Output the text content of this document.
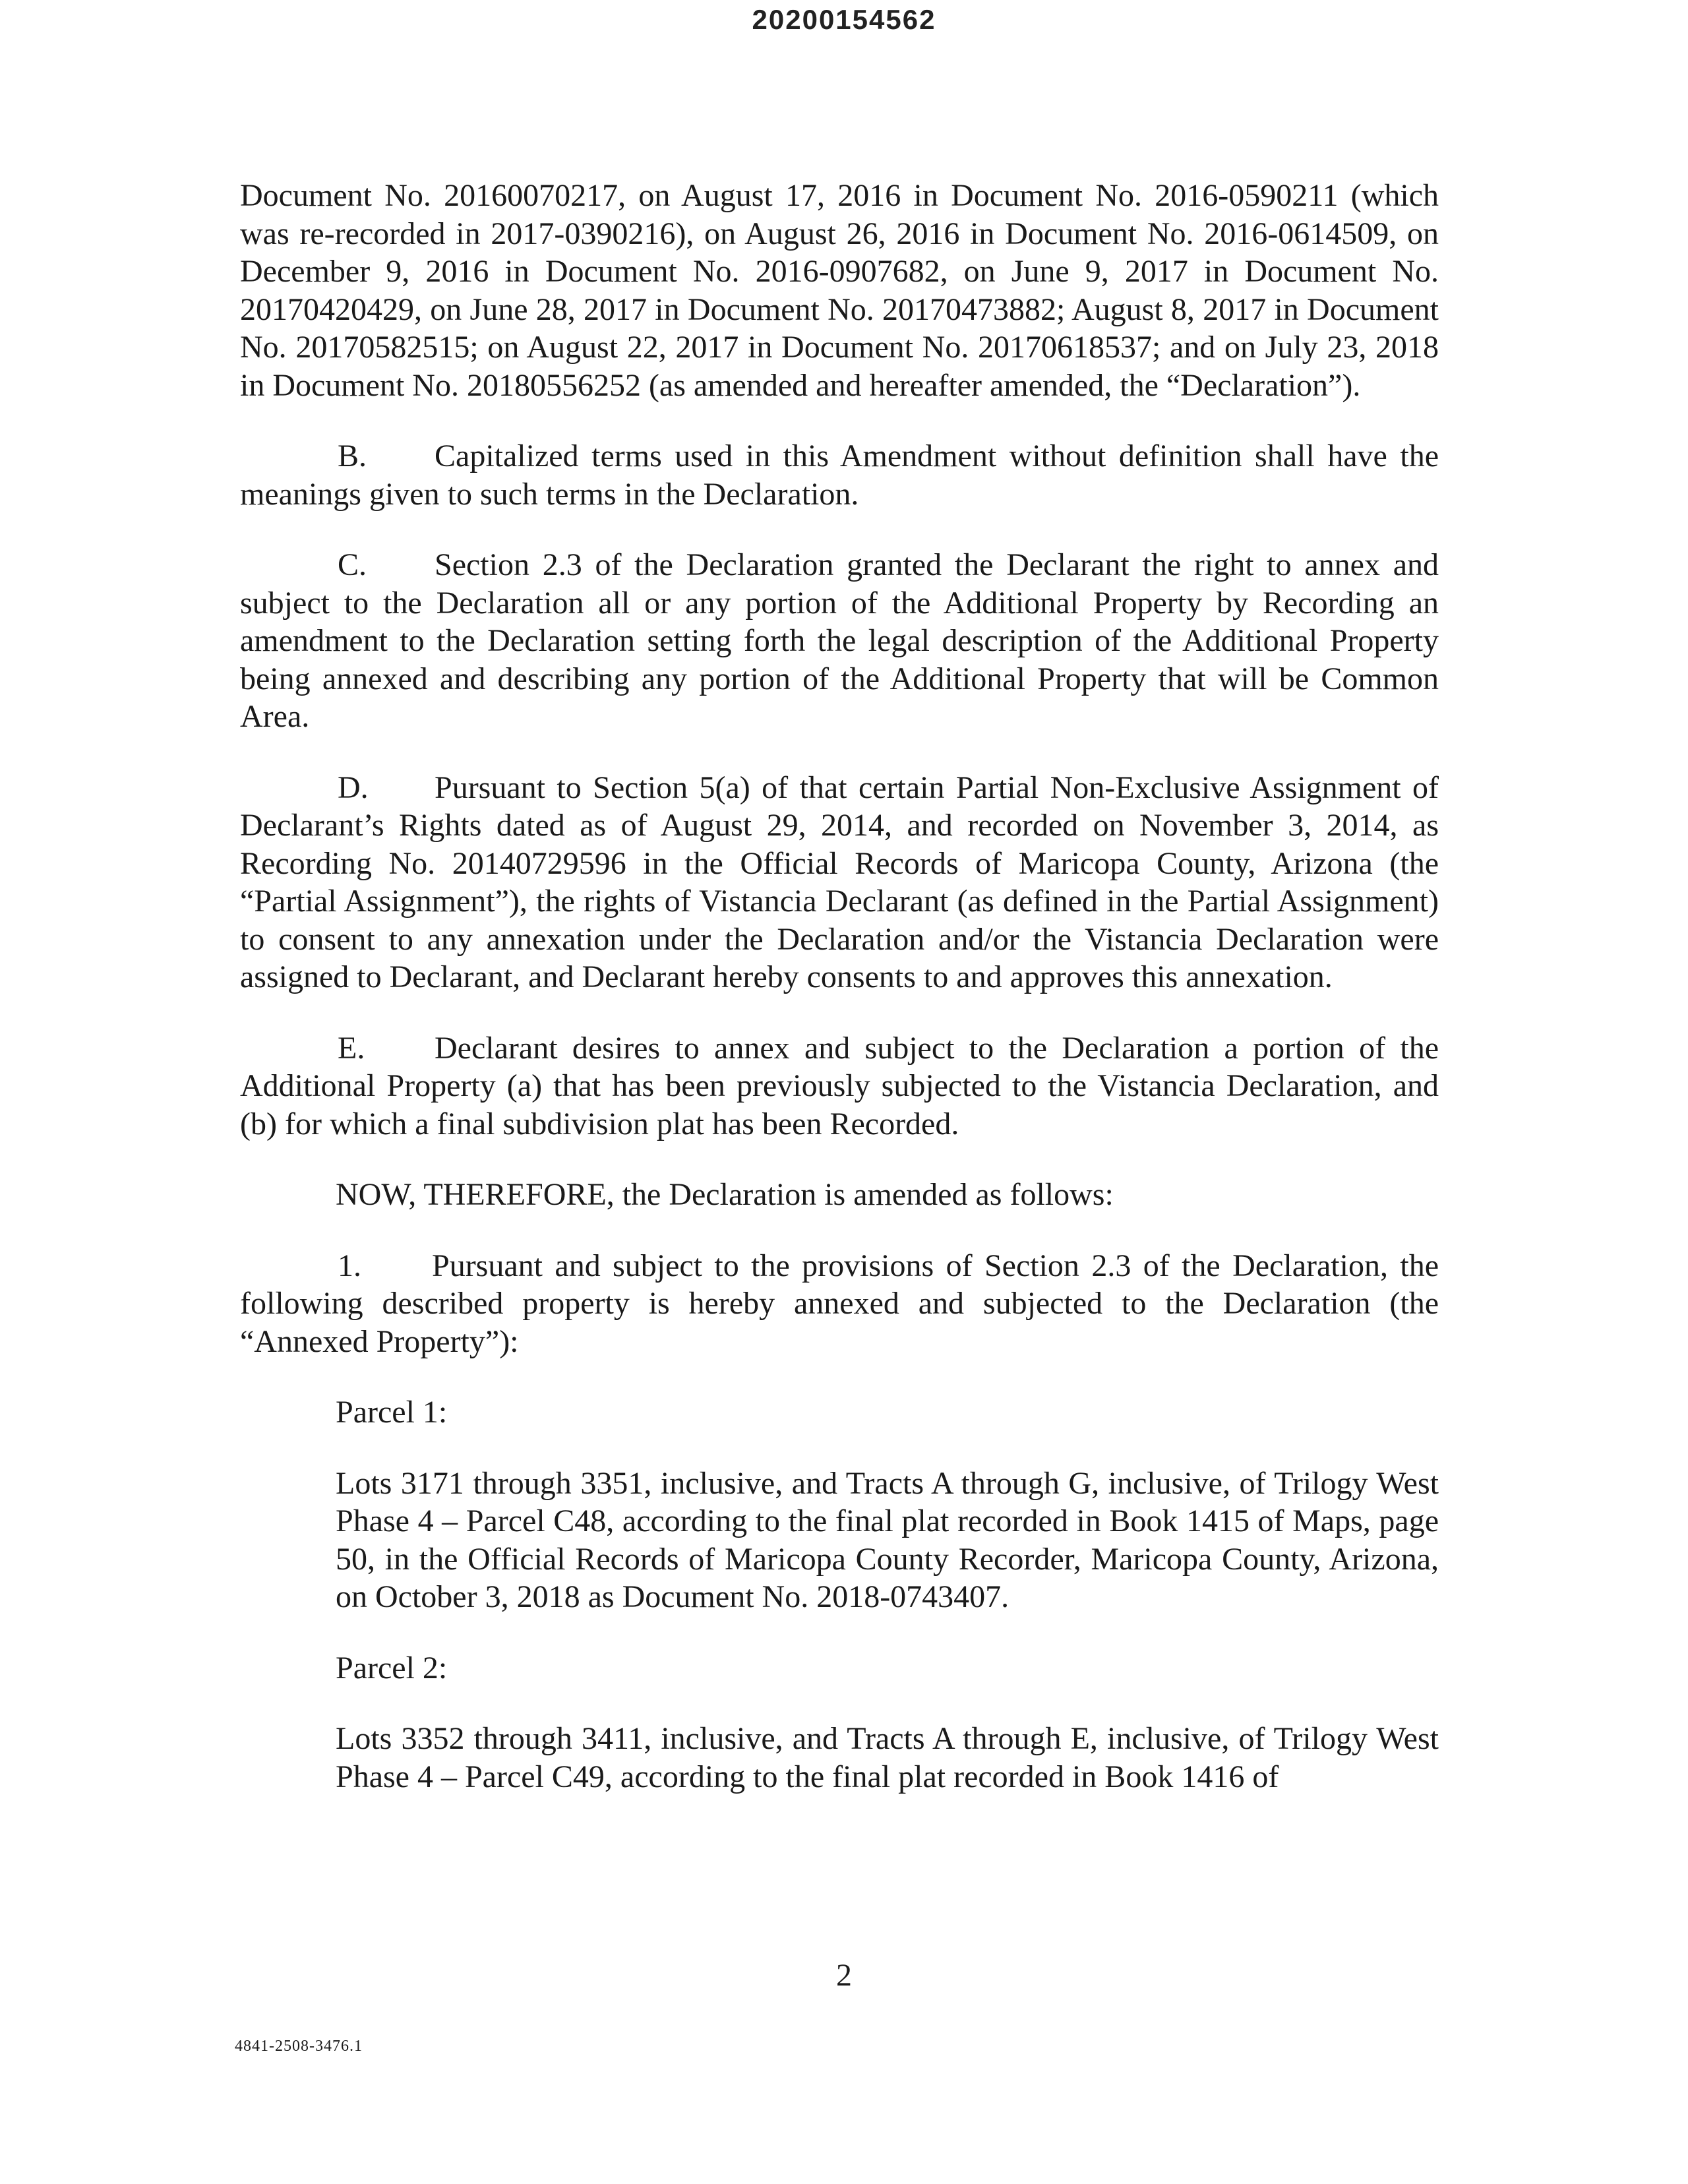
20200154562

Document No. 20160070217, on August 17, 2016 in Document No. 2016-0590211 (which was re-recorded in 2017-0390216), on August 26, 2016 in Document No. 2016-0614509, on December 9, 2016 in Document No. 2016-0907682, on June 9, 2017 in Document No. 20170420429, on June 28, 2017 in Document No. 20170473882; August 8, 2017 in Document No. 20170582515; on August 22, 2017 in Document No. 20170618537; and on July 23, 2018 in Document No. 20180556252 (as amended and hereafter amended, the “Declaration”).

B. Capitalized terms used in this Amendment without definition shall have the meanings given to such terms in the Declaration.

C. Section 2.3 of the Declaration granted the Declarant the right to annex and subject to the Declaration all or any portion of the Additional Property by Recording an amendment to the Declaration setting forth the legal description of the Additional Property being annexed and describing any portion of the Additional Property that will be Common Area.

D. Pursuant to Section 5(a) of that certain Partial Non-Exclusive Assignment of Declarant’s Rights dated as of August 29, 2014, and recorded on November 3, 2014, as Recording No. 20140729596 in the Official Records of Maricopa County, Arizona (the “Partial Assignment”), the rights of Vistancia Declarant (as defined in the Partial Assignment) to consent to any annexation under the Declaration and/or the Vistancia Declaration were assigned to Declarant, and Declarant hereby consents to and approves this annexation.

E. Declarant desires to annex and subject to the Declaration a portion of the Additional Property (a) that has been previously subjected to the Vistancia Declaration, and (b) for which a final subdivision plat has been Recorded.

NOW, THEREFORE, the Declaration is amended as follows:

1. Pursuant and subject to the provisions of Section 2.3 of the Declaration, the following described property is hereby annexed and subjected to the Declaration (the “Annexed Property”):

Parcel 1:

Lots 3171 through 3351, inclusive, and Tracts A through G, inclusive, of Trilogy West Phase 4 – Parcel C48, according to the final plat recorded in Book 1415 of Maps, page 50, in the Official Records of Maricopa County Recorder, Maricopa County, Arizona, on October 3, 2018 as Document No. 2018-0743407.

Parcel 2:

Lots 3352 through 3411, inclusive, and Tracts A through E, inclusive, of Trilogy West Phase 4 – Parcel C49, according to the final plat recorded in Book 1416 of

2
4841-2508-3476.1
